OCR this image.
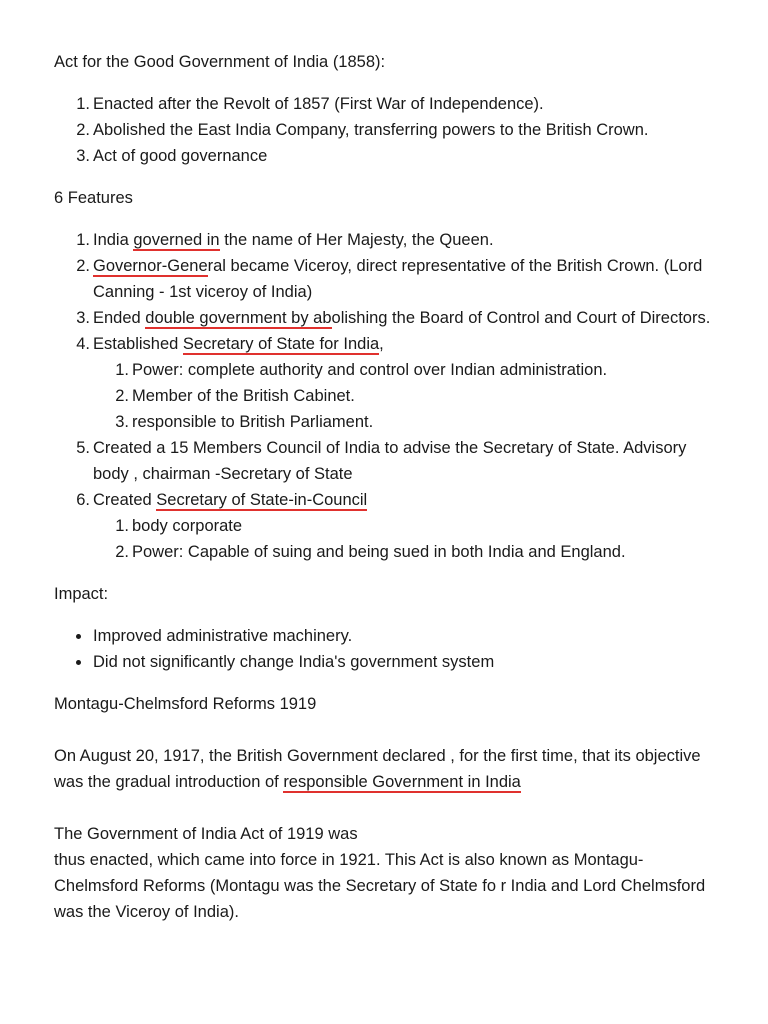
Act for the Good Government of India (1858):

1. Enacted after the Revolt of 1857 (First War of Independence).
2. Abolished the East India Company, transferring powers to the British Crown.
3. Act of good governance

6 Features

1. India governed in the name of Her Majesty, the Queen.
2. Governor-General became Viceroy, direct representative of the British Crown. (Lord Canning - 1st viceroy of India)
3. Ended double government by abolishing the Board of Control and Court of Directors.
4. Established Secretary of State for India,
1. Power: complete authority and control over Indian administration.
2. Member of the British Cabinet.
3. responsible to British Parliament.
5. Created a 15 Members Council of India to advise the Secretary of State. Advisory body , chairman -Secretary of State
6. Created Secretary of State-in-Council
1. body corporate
2. Power: Capable of suing and being sued in both India and England.

Impact:

Improved administrative machinery.
Did not significantly change India's government system

Montagu-Chelmsford Reforms 1919

On August 20, 1917, the British Government declared , for the first time, that its objective was the gradual introduction of responsible Government in India

The Government of India Act of 1919 was
thus enacted, which came into force in 1921. This Act is also known as Montagu-Chelmsford Reforms (Montagu was the Secretary of State fo r India and Lord Chelmsford was the Viceroy of India).
